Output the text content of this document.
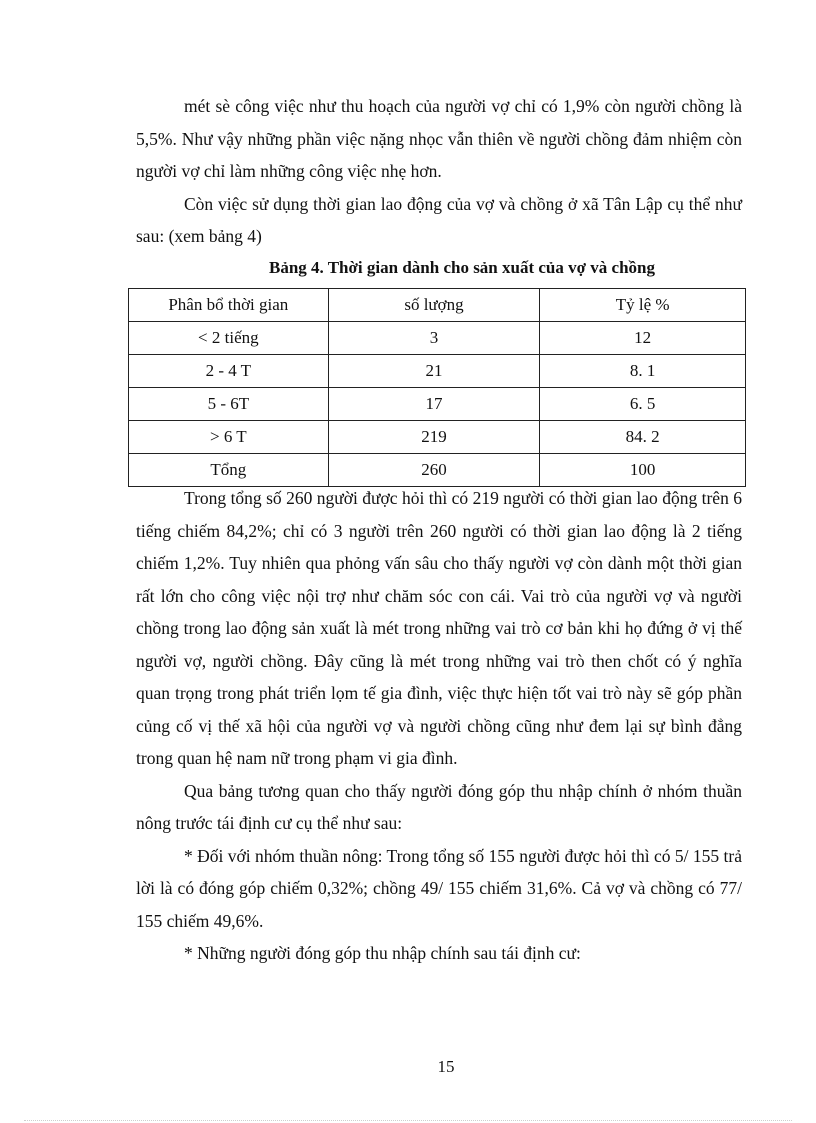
mét sè công việc như thu hoạch của người vợ chỉ có 1,9% còn người chồng là 5,5%. Như vậy những phần việc nặng nhọc vẫn thiên về người chồng đảm nhiệm còn người vợ chỉ làm những công việc nhẹ hơn.

Còn việc sử dụng thời gian lao động của vợ và chồng ở xã Tân Lập cụ thể như sau: (xem bảng 4)

Bảng 4. Thời gian dành cho sản xuất của vợ và chồng
Phân bổ thời gian	số lượng	Tỷ lệ %
< 2 tiếng	3	12
2 - 4 T	21	8. 1
5 - 6T	17	6. 5
> 6 T	219	84. 2
Tổng	260	100

Trong tổng số 260 người được hỏi thì có 219 người có thời gian lao động trên 6 tiếng chiếm 84,2%; chỉ có 3 người trên 260 người có thời gian lao động là 2 tiếng chiếm 1,2%. Tuy nhiên qua phỏng vấn sâu cho thấy người vợ còn dành một thời gian rất lớn cho công việc nội trợ như chăm sóc con cái. Vai trò của người vợ và người chồng trong lao động sản xuất là mét trong những vai trò cơ bản khi họ đứng ở vị thế người vợ, người chồng. Đây cũng là mét trong những vai trò then chốt có ý nghĩa quan trọng trong phát triển lọm tế gia đình, việc thực hiện tốt vai trò này sẽ góp phần củng cố vị thế xã hội của người vợ và người chồng cũng như đem lại sự bình đẳng trong quan hệ nam nữ trong phạm vi gia đình.

Qua bảng tương quan cho thấy người đóng góp thu nhập chính ở nhóm thuần nông trước tái định cư cụ thể như sau:

* Đối với nhóm thuần nông: Trong tổng số 155 người được hỏi thì có 5/ 155 trả lời là có đóng góp chiếm 0,32%; chồng 49/ 155 chiếm 31,6%. Cả vợ và chồng có 77/ 155 chiếm 49,6%.

* Những người đóng góp thu nhập chính sau tái định cư:

15
